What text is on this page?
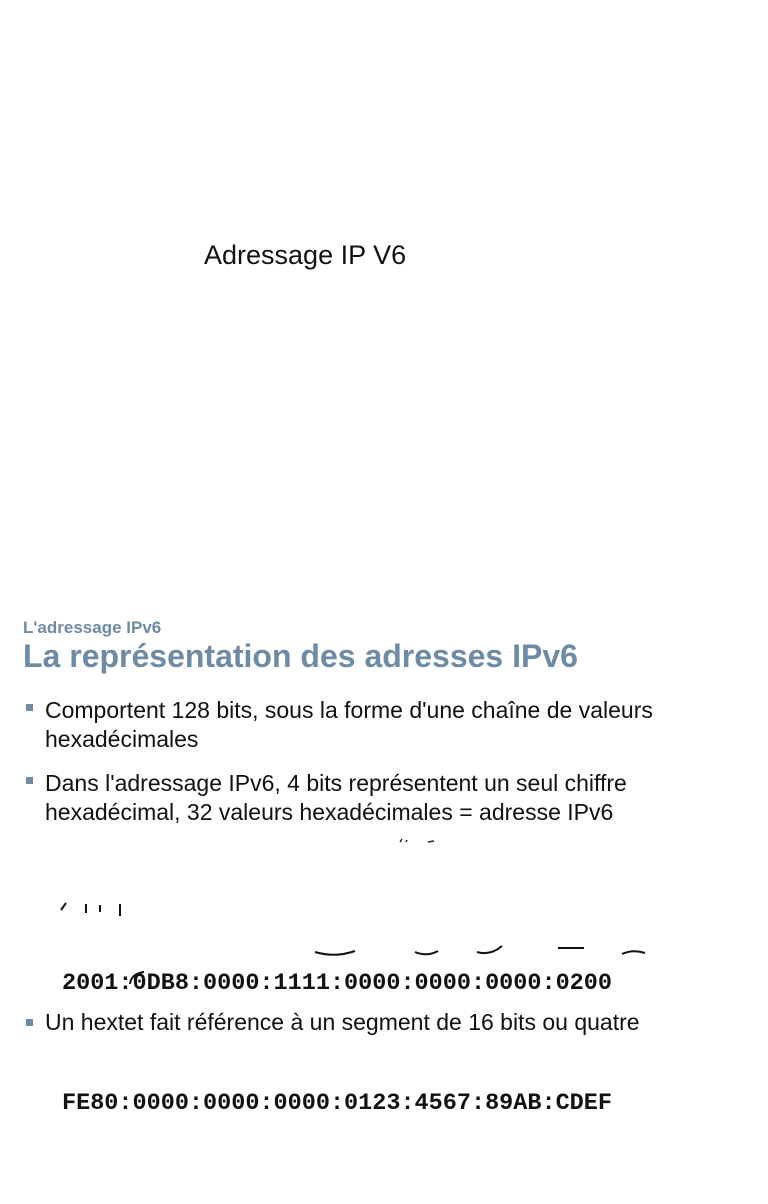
Adressage IP V6
L'adressage IPv6
La représentation des adresses IPv6
Comportent 128 bits, sous la forme d'une chaîne de valeurs hexadécimales
Dans l'adressage IPv6, 4 bits représentent un seul chiffre hexadécimal, 32 valeurs hexadécimales = adresse IPv6

2001:0DB8:0000:1111:0000:0000:0000:0200

FE80:0000:0000:0000:0123:4567:89AB:CDEF

Un hextet fait référence à un segment de 16 bits ou quatre
